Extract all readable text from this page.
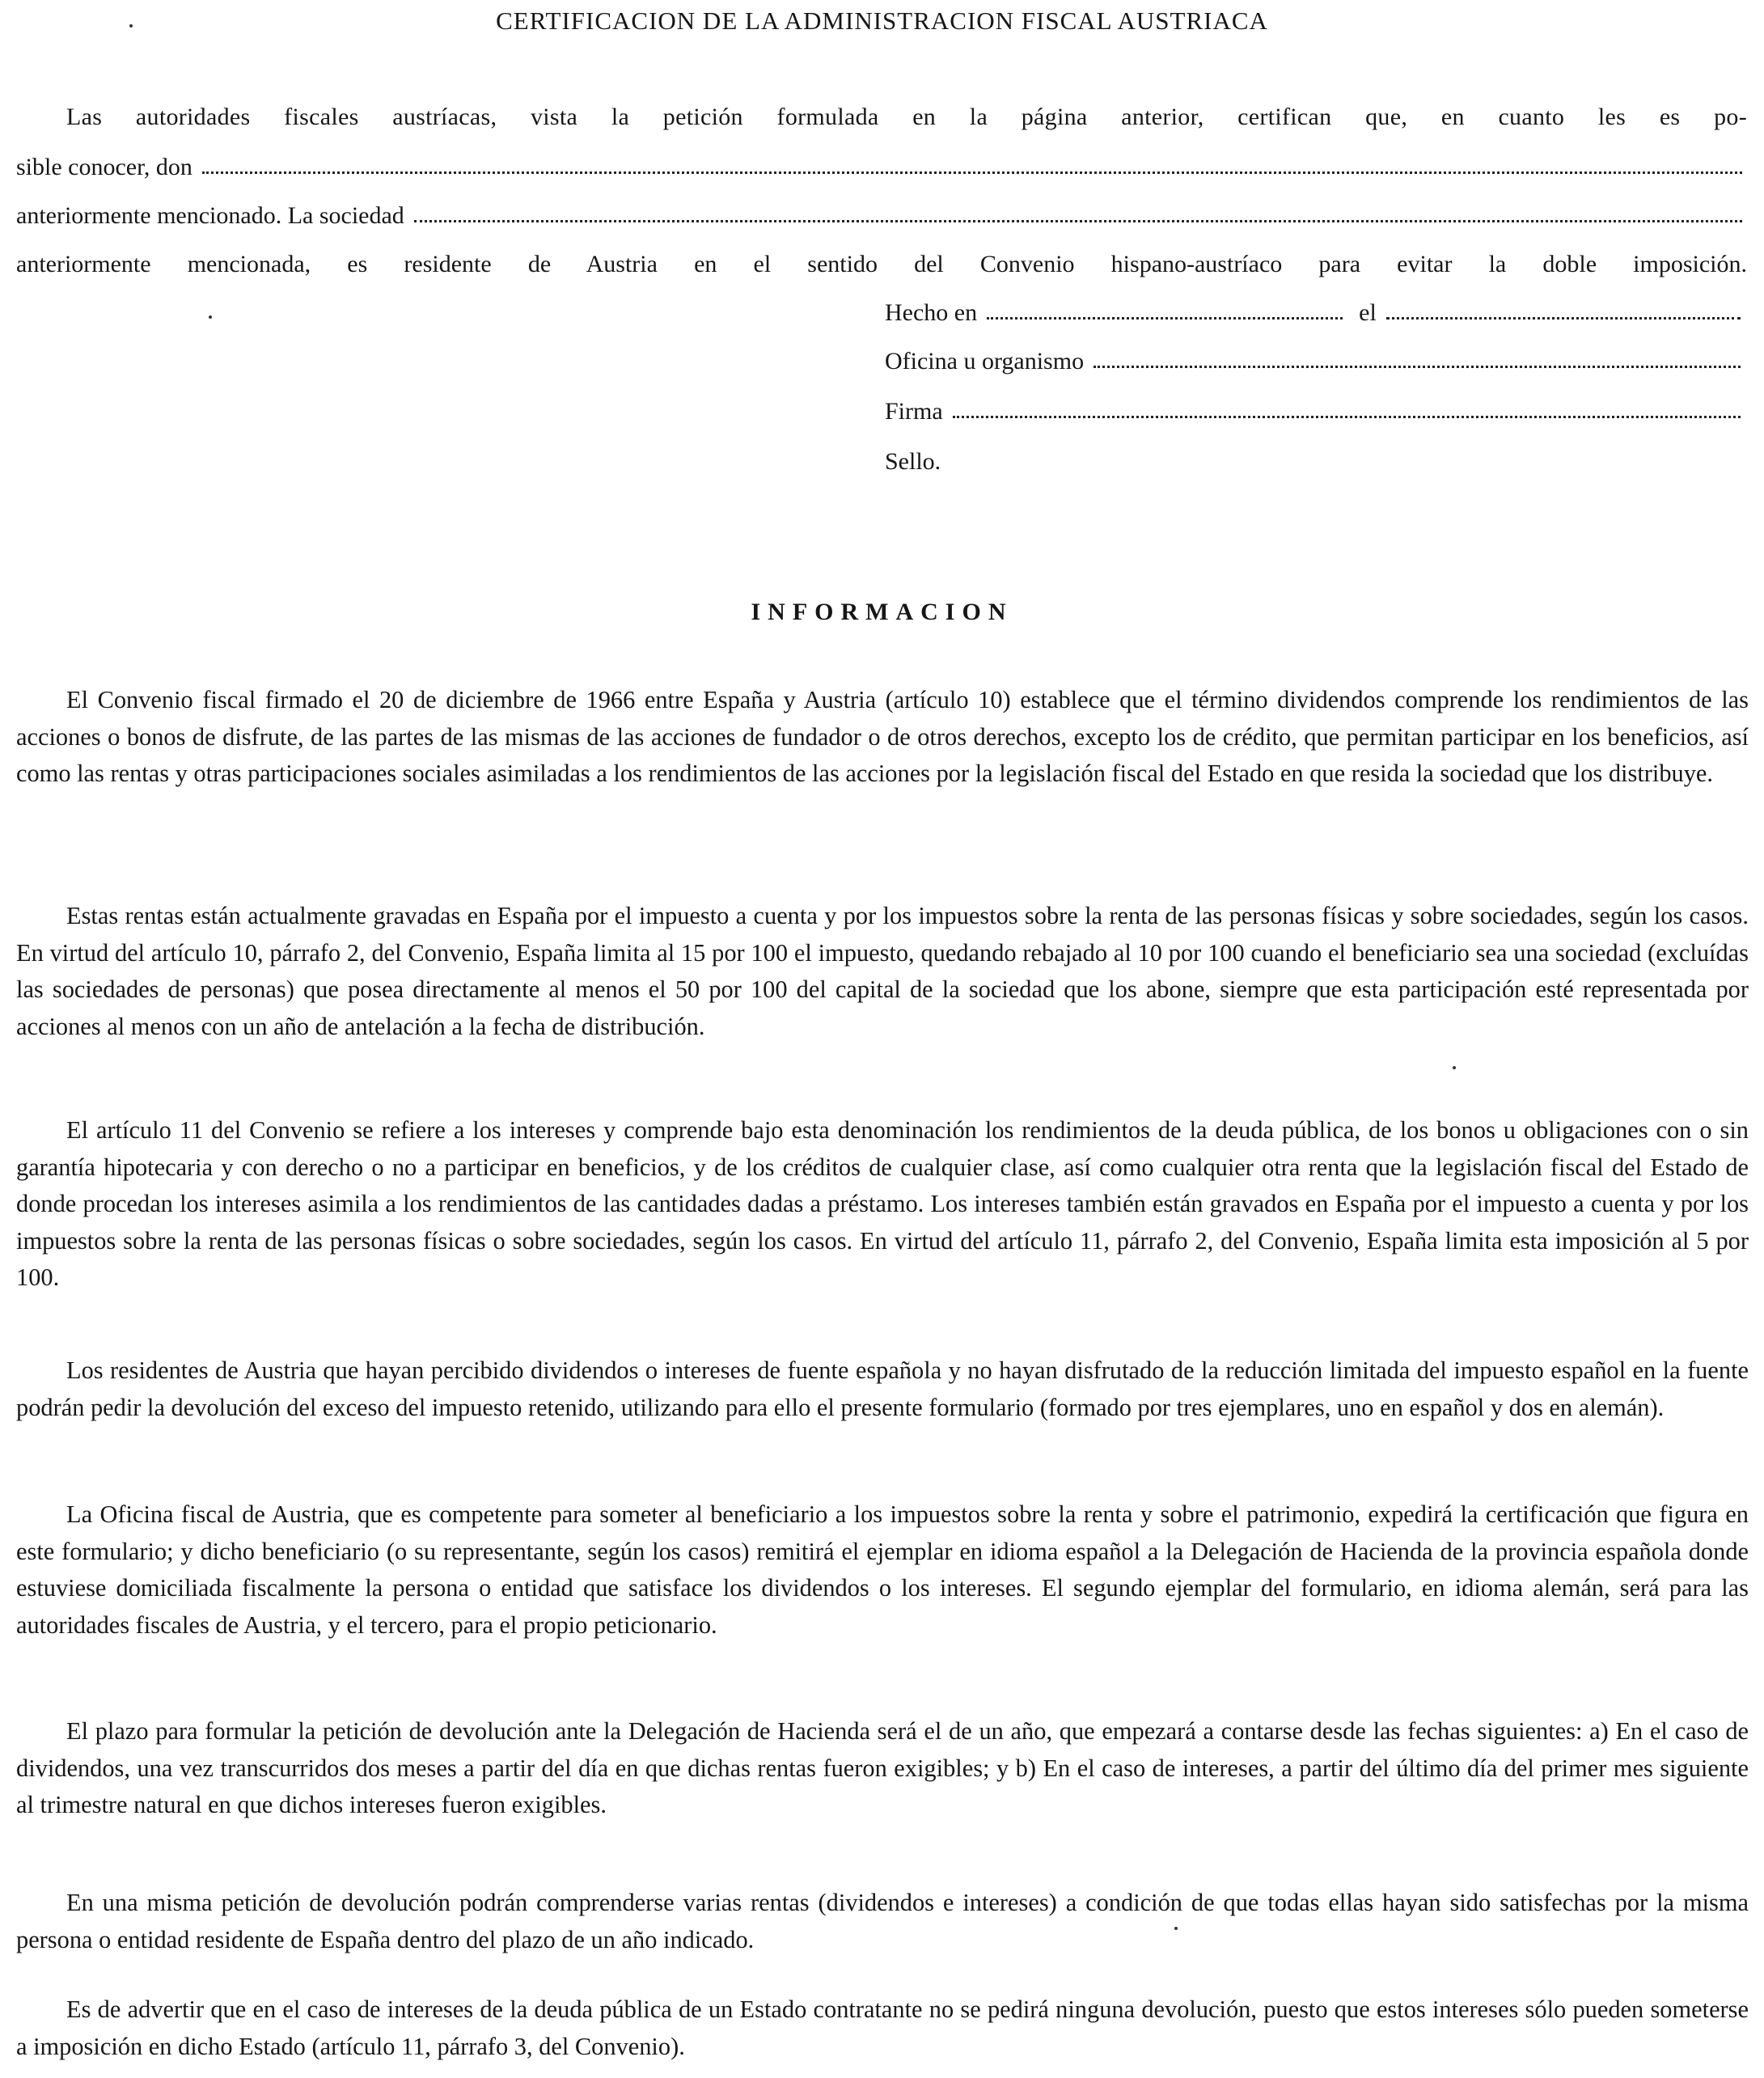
CERTIFICACION DE LA ADMINISTRACION FISCAL AUSTRIACA
Las autoridades fiscales austríacas, vista la petición formulada en la página anterior, certifican que, en cuanto les es po-
sible conocer, don
anteriormente mencionado. La sociedad
anteriormente mencionada, es residente de Austria en el sentido del Convenio hispano-austríaco para evitar la doble imposición.
Hecho en	el
Oficina u organismo
Firma
Sello.
INFORMACION

El Convenio fiscal firmado el 20 de diciembre de 1966 entre España y Austria (artículo 10) establece que el término dividendos comprende los rendimientos de las acciones o bonos de disfrute, de las partes de las mismas de las acciones de fundador o de otros derechos, excepto los de crédito, que permitan participar en los beneficios, así como las rentas y otras participaciones sociales asimiladas a los rendimientos de las acciones por la legislación fiscal del Estado en que resida la sociedad que los distribuye.

Estas rentas están actualmente gravadas en España por el impuesto a cuenta y por los impuestos sobre la renta de las personas físicas y sobre sociedades, según los casos. En virtud del artículo 10, párrafo 2, del Convenio, España limita al 15 por 100 el impuesto, quedando rebajado al 10 por 100 cuando el beneficiario sea una sociedad (excluídas las sociedades de personas) que posea directamente al menos el 50 por 100 del capital de la sociedad que los abone, siempre que esta participación esté representada por acciones al menos con un año de antelación a la fecha de distribución.

El artículo 11 del Convenio se refiere a los intereses y comprende bajo esta denominación los rendimientos de la deuda pública, de los bonos u obligaciones con o sin garantía hipotecaria y con derecho o no a participar en beneficios, y de los créditos de cualquier clase, así como cualquier otra renta que la legislación fiscal del Estado de donde procedan los intereses asimila a los rendimientos de las cantidades dadas a préstamo. Los intereses también están gravados en España por el impuesto a cuenta y por los impuestos sobre la renta de las personas físicas o sobre sociedades, según los casos. En virtud del artículo 11, párrafo 2, del Convenio, España limita esta imposición al 5 por 100.

Los residentes de Austria que hayan percibido dividendos o intereses de fuente española y no hayan disfrutado de la reducción limitada del impuesto español en la fuente podrán pedir la devolución del exceso del impuesto retenido, utilizando para ello el presente formulario (formado por tres ejemplares, uno en español y dos en alemán).

La Oficina fiscal de Austria, que es competente para someter al beneficiario a los impuestos sobre la renta y sobre el patrimonio, expedirá la certificación que figura en este formulario; y dicho beneficiario (o su representante, según los casos) remitirá el ejemplar en idioma español a la Delegación de Hacienda de la provincia española donde estuviese domiciliada fiscalmente la persona o entidad que satisface los dividendos o los intereses. El segundo ejemplar del formulario, en idioma alemán, será para las autoridades fiscales de Austria, y el tercero, para el propio peticionario.

El plazo para formular la petición de devolución ante la Delegación de Hacienda será el de un año, que empezará a contarse desde las fechas siguientes: a) En el caso de dividendos, una vez transcurridos dos meses a partir del día en que dichas rentas fueron exigibles; y b) En el caso de intereses, a partir del último día del primer mes siguiente al trimestre natural en que dichos intereses fueron exigibles.

En una misma petición de devolución podrán comprenderse varias rentas (dividendos e intereses) a condición de que todas ellas hayan sido satisfechas por la misma persona o entidad residente de España dentro del plazo de un año indicado.

Es de advertir que en el caso de intereses de la deuda pública de un Estado contratante no se pedirá ninguna devolución, puesto que estos intereses sólo pueden someterse a imposición en dicho Estado (artículo 11, párrafo 3, del Convenio).
